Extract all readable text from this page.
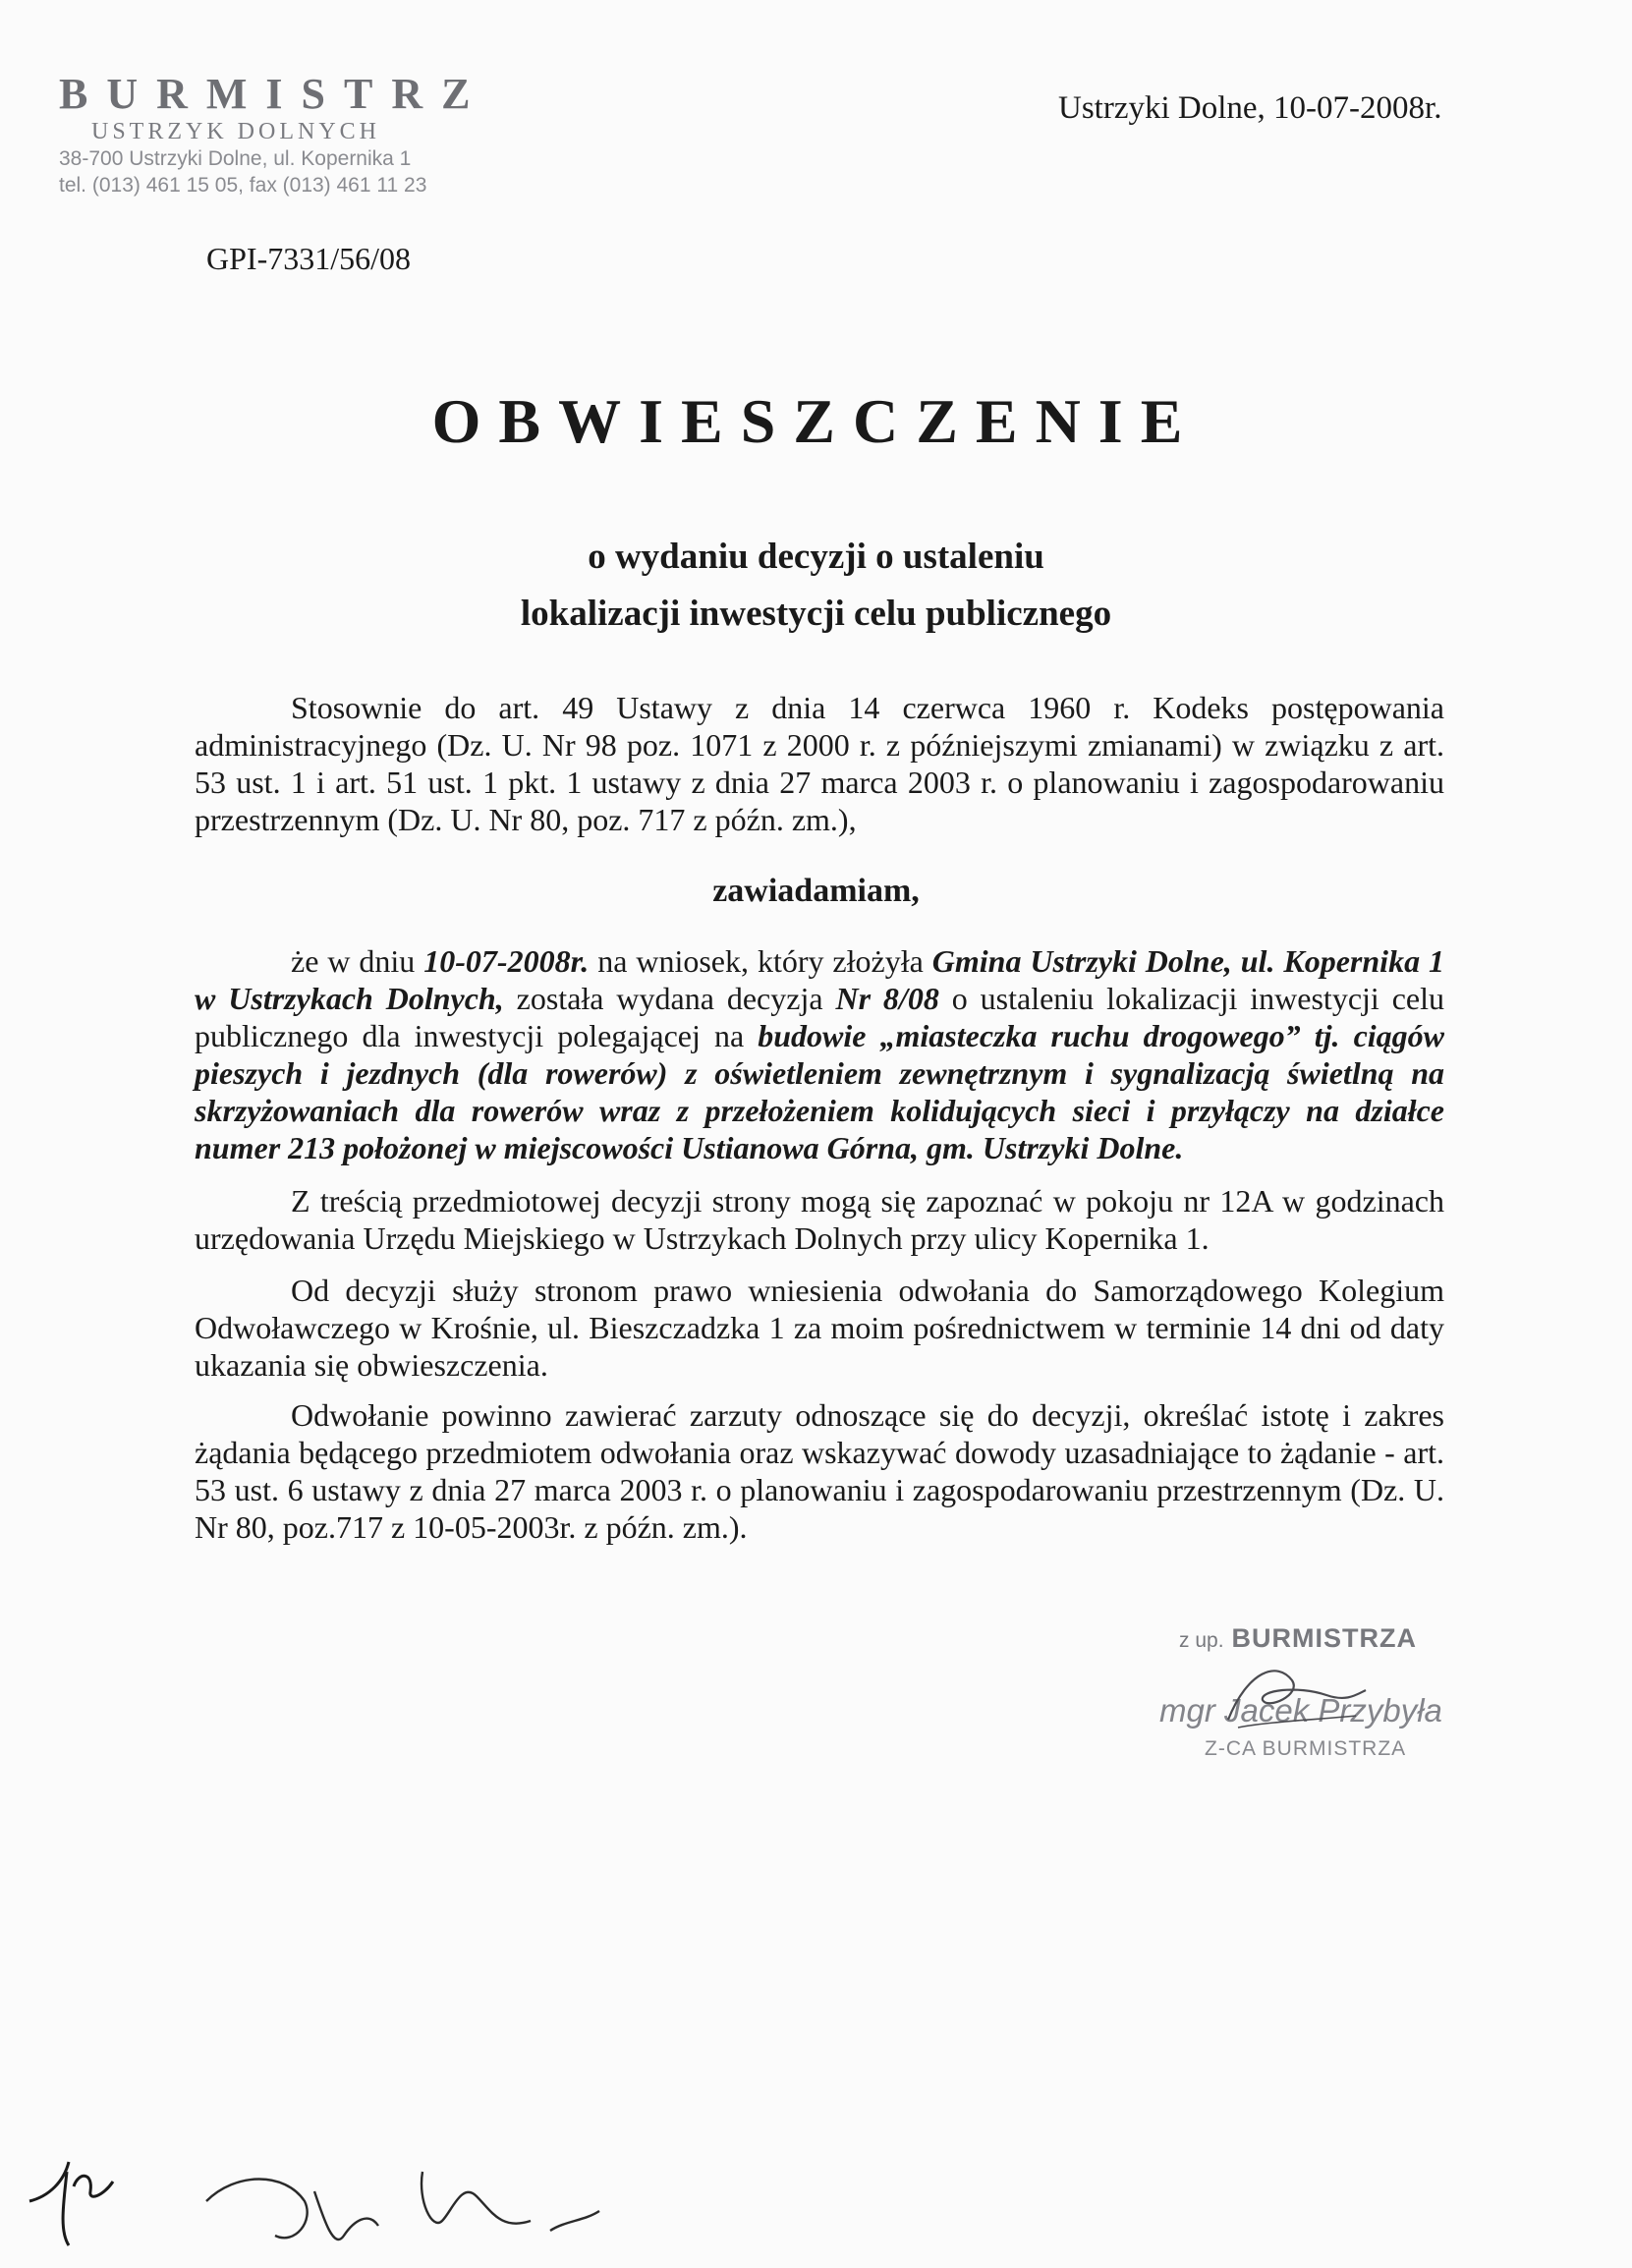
BURMISTRZ
USTRZYK DOLNYCH
38-700 Ustrzyki Dolne, ul. Kopernika 1
tel. (013) 461 15 05, fax (013) 461 11 23
Ustrzyki Dolne, 10-07-2008r.
GPI-7331/56/08
OBWIESZCZENIE
o wydaniu decyzji o ustaleniu
lokalizacji inwestycji celu publicznego

Stosownie do art. 49 Ustawy z dnia 14 czerwca 1960 r. Kodeks postępowania administracyjnego (Dz. U. Nr 98 poz. 1071 z 2000 r. z późniejszymi zmianami) w związku z art. 53 ust. 1 i art. 51 ust. 1 pkt. 1 ustawy z dnia 27 marca 2003 r. o planowaniu i zagospodarowaniu przestrzennym (Dz. U. Nr 80, poz. 717 z późn. zm.),

zawiadamiam,

że w dniu 10-07-2008r. na wniosek, który złożyła Gmina Ustrzyki Dolne, ul. Kopernika 1 w Ustrzykach Dolnych, została wydana decyzja Nr 8/08 o ustaleniu lokalizacji inwestycji celu publicznego dla inwestycji polegającej na budowie „miasteczka ruchu drogowego” tj. ciągów pieszych i jezdnych (dla rowerów) z oświetleniem zewnętrznym i sygnalizacją świetlną na skrzyżowaniach dla rowerów wraz z przełożeniem kolidujących sieci i przyłączy na działce numer 213 położonej w miejscowości Ustianowa Górna, gm. Ustrzyki Dolne.

Z treścią przedmiotowej decyzji strony mogą się zapoznać w pokoju nr 12A w godzinach urzędowania Urzędu Miejskiego w Ustrzykach Dolnych przy ulicy Kopernika 1.

Od decyzji służy stronom prawo wniesienia odwołania do Samorządowego Kolegium Odwoławczego w Krośnie, ul. Bieszczadzka 1 za moim pośrednictwem w terminie 14 dni od daty ukazania się obwieszczenia.

Odwołanie powinno zawierać zarzuty odnoszące się do decyzji, określać istotę i zakres żądania będącego przedmiotem odwołania oraz wskazywać dowody uzasadniające to żądanie - art. 53 ust. 6 ustawy z dnia 27 marca 2003 r. o planowaniu i zagospodarowaniu przestrzennym (Dz. U. Nr 80, poz.717 z 10-05-2003r. z późn. zm.).

z up. BURMISTRZA
mgr Jacek Przybyła
Z-CA BURMISTRZA
